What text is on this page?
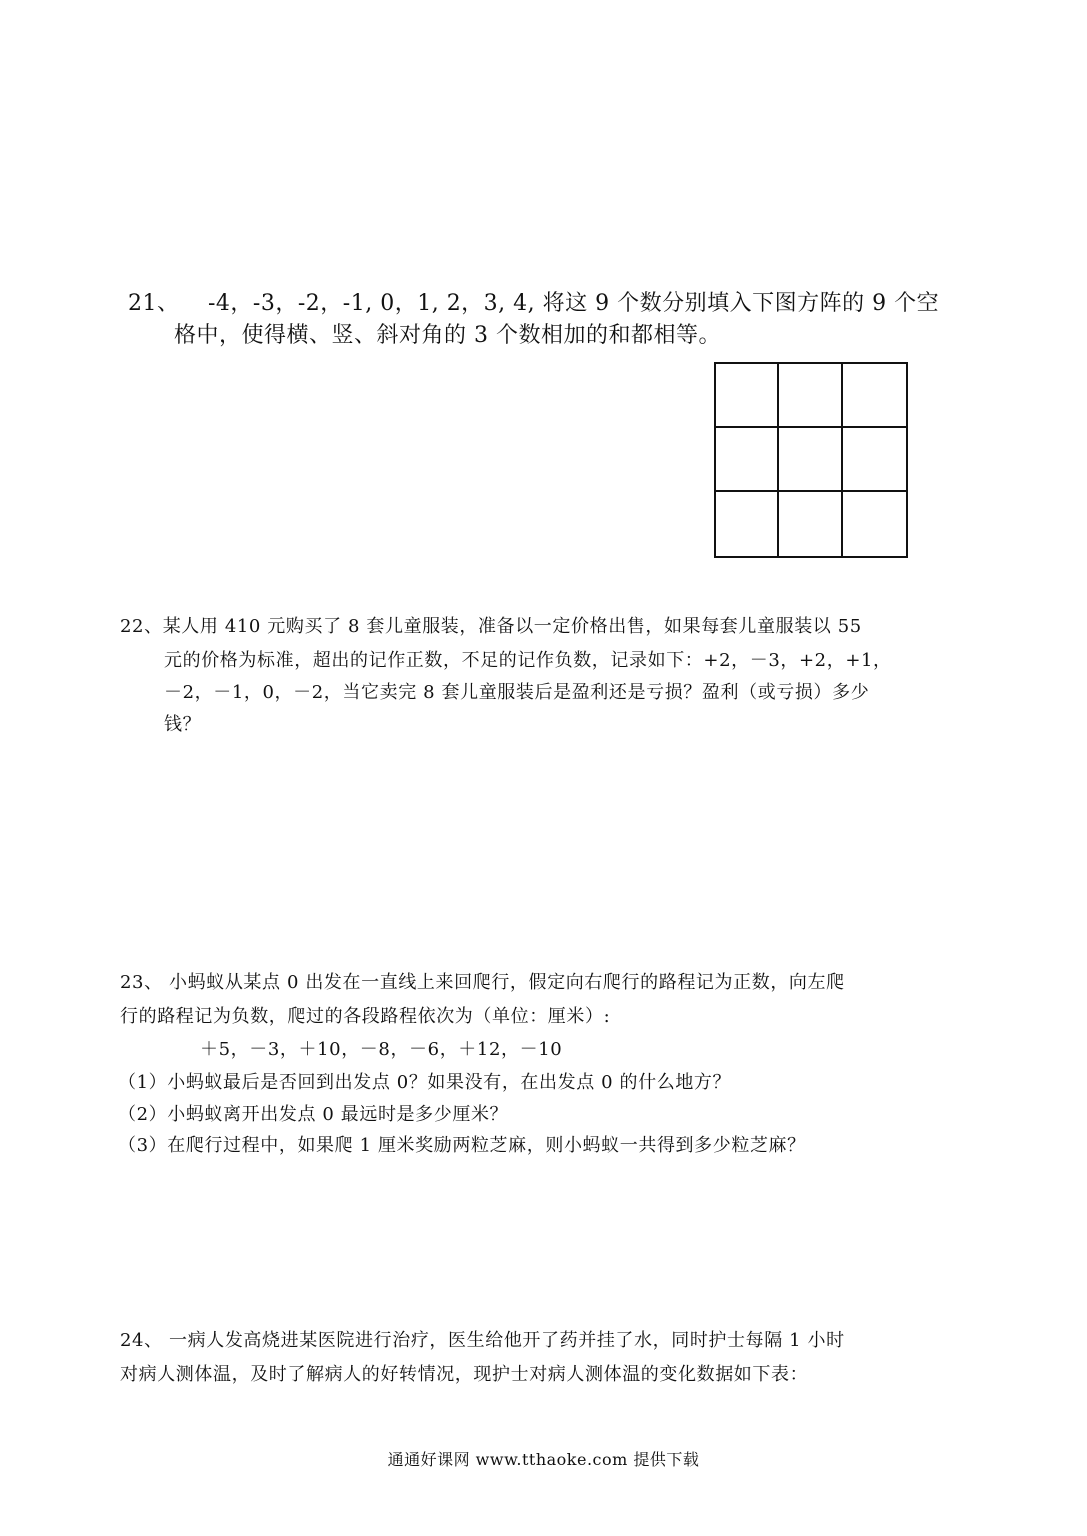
21、 -4，-3，-2，-1, 0，1, 2，3, 4, 将这 9 个数分别填入下图方阵的 9 个空
格中，使得横、竖、斜对角的 3 个数相加的和都相等。
22、某人用 410 元购买了 8 套儿童服装，准备以一定价格出售，如果每套儿童服装以 55
元的价格为标准，超出的记作正数，不足的记作负数，记录如下：+2，－3，+2，+1，
－2，－1，0，－2，当它卖完 8 套儿童服装后是盈利还是亏损？盈利（或亏损）多少
钱？
23、 小蚂蚁从某点 0 出发在一直线上来回爬行，假定向右爬行的路程记为正数，向左爬
行的路程记为负数，爬过的各段路程依次为（单位：厘米）:
＋5，－3，＋10，－8，－6，＋12，－10
（1）小蚂蚁最后是否回到出发点 0？如果没有，在出发点 0 的什么地方？
（2）小蚂蚁离开出发点 0 最远时是多少厘米？
（3）在爬行过程中，如果爬 1 厘米奖励两粒芝麻，则小蚂蚁一共得到多少粒芝麻？
24、 一病人发高烧进某医院进行治疗，医生给他开了药并挂了水，同时护士每隔 1 小时
对病人测体温，及时了解病人的好转情况，现护士对病人测体温的变化数据如下表：
通通好课网 www.tthaoke.com 提供下载
